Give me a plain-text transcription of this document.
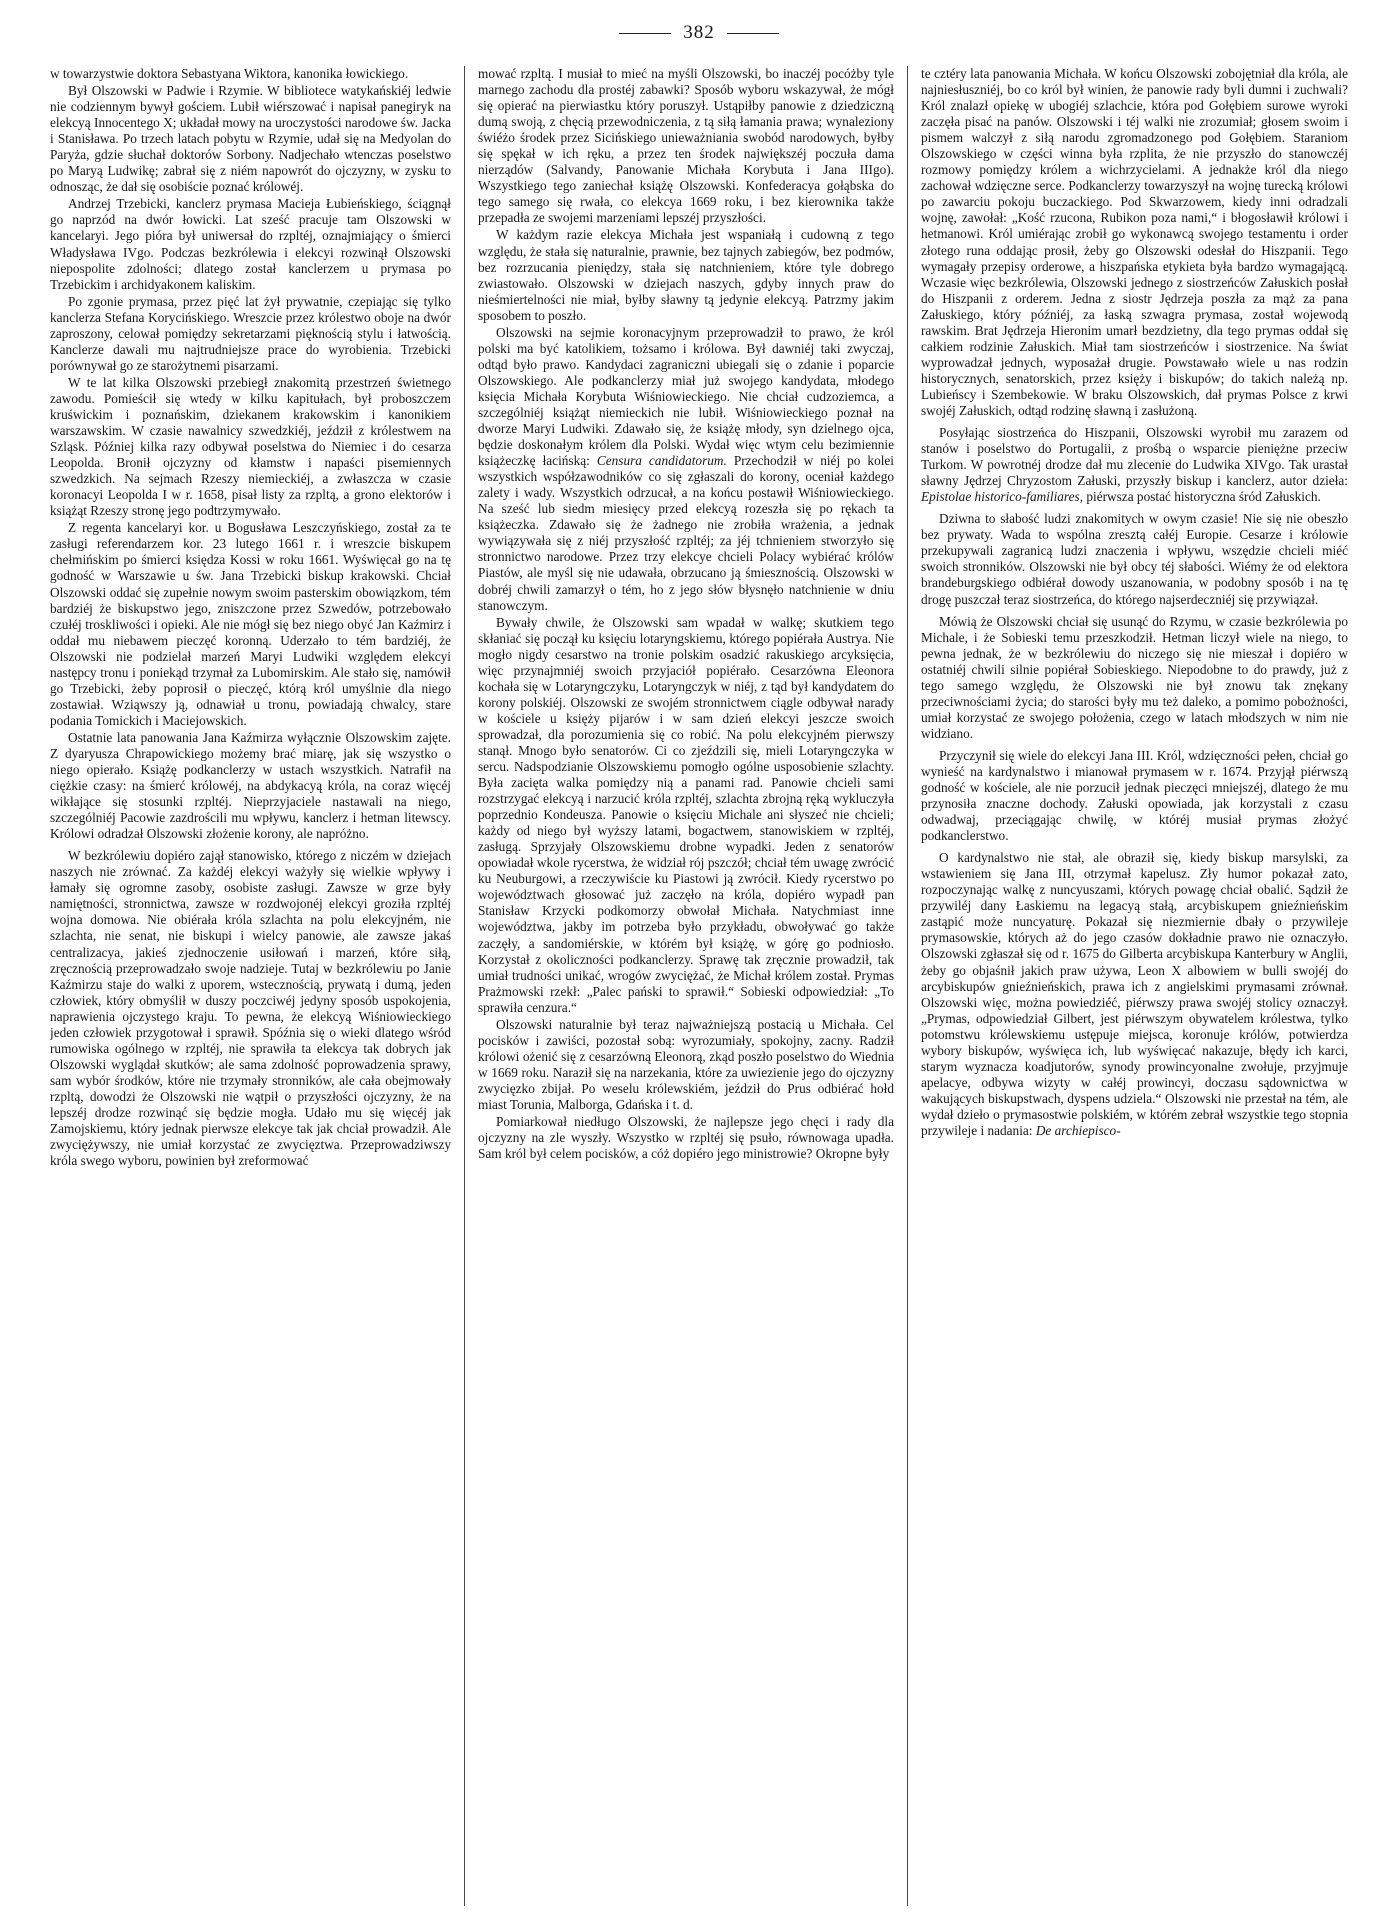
382

w towarzystwie doktora Sebastyana Wiktora, kanonika łowickiego.

Był Olszowski w Padwie i Rzymie. W bibliotece watykańskiéj ledwie nie codziennym bywył gościem. Lubił wiérszować i napisał panegiryk na elekcyą Innocentego X; układał mowy na uroczystości narodowe św. Jacka i Stanisława. Po trzech latach pobytu w Rzymie, udał się na Medyolan do Paryża, gdzie słuchał doktorów Sorbony. Nadjechało wtenczas poselstwo po Maryą Ludwikę; zabrał się z niém napowrót do ojczyzny, w zysku to odnosząc, że dał się osobiście poznać królowéj.

Andrzej Trzebicki, kanclerz prymasa Macieja Łubieńskiego, ściągnął go naprzód na dwór łowicki. Lat sześć pracuje tam Olszowski w kancelaryi. Jego pióra był uniwersał do rzpltéj, oznajmiający o śmierci Władysława IVgo. Podczas bezkrólewia i elekcyi rozwinął Olszowski niepospolite zdolności; dlatego został kanclerzem u prymasa po Trzebickim i archidyakonem kaliskim.

Po zgonie prymasa, przez pięć lat żył prywatnie, czepiając się tylko kanclerza Stefana Korycińskiego. Wreszcie przez królestwo oboje na dwór zaproszony, celował pomiędzy sekretarzami pięknością stylu i łatwością. Kanclerze dawali mu najtrudniejsze prace do wyrobienia. Trzebicki porównywał go ze starożytnemi pisarzami.

W te lat kilka Olszowski przebiegł znakomitą przestrzeń świetnego zawodu. Pomieścił się wtedy w kilku kapitułach, był proboszczem kruświckim i poznańskim, dziekanem krakowskim i kanonikiem warszawskim. W czasie nawalnicy szwedzkiéj, jeździł z królestwem na Szląsk. Później kilka razy odbywał poselstwa do Niemiec i do cesarza Leopolda. Bronił ojczyzny od kłamstw i napaści pisemiennych szwedzkich. Na sejmach Rzeszy niemieckiéj, a zwłaszcza w czasie koronacyi Leopolda I w r. 1658, pisał listy za rzpltą, a grono elektorów i książąt Rzeszy stronę jego podtrzymywało.

Z regenta kancelaryi kor. u Bogusława Leszczyńskiego, został za te zasługi referendarzem kor. 23 lutego 1661 r. i wreszcie biskupem chełmińskim po śmierci księdza Kossi w roku 1661. Wyświęcał go na tę godność w Warszawie u św. Jana Trzebicki biskup krakowski. Chciał Olszowski oddać się zupełnie nowym swoim pasterskim obowiązkom, tém bardziéj że biskupstwo jego, zniszczone przez Szwedów, potrzebowało czułéj troskliwości i opieki. Ale nie mógł się bez niego obyć Jan Kaźmirz i oddał mu niebawem pieczęć koronną. Uderzało to tém bardziéj, że Olszowski nie podzielał marzeń Maryi Ludwiki względem elekcyi następcy tronu i poniekąd trzymał za Lubomirskim. Ale stało się, namówił go Trzebicki, żeby poprosił o pieczęć, którą król umyślnie dla niego zostawiał. Wziąwszy ją, odnawiał u tronu, powiadają chwalcy, stare podania Tomickich i Maciejowskich.

Ostatnie lata panowania Jana Kaźmirza wyłącznie Olszowskim zajęte. Z dyaryusza Chrapowickiego możemy brać miarę, jak się wszystko o niego opierało. Książę podkanclerzy w ustach wszystkich. Natrafił na ciężkie czasy: na śmierć królowéj, na abdykacyą króla, na coraz więcéj wikłające się stosunki rzpltéj. Nieprzyjaciele nastawali na niego, szczególniéj Pacowie zazdrościli mu wpływu, kanclerz i hetman litewscy. Królowi odradzał Olszowski złożenie korony, ale napróżno.

W bezkrólewiu dopiéro zajął stanowisko, którego z niczém w dziejach naszych nie zrównać. Za każdéj elekcyi ważyły się wielkie wpływy i łamały się ogromne zasoby, osobiste zasługi. Zawsze w grze były namiętności, stronnictwa, zawsze w rozdwojonéj elekcyi groziła rzpltéj wojna domowa. Nie obiérała króla szlachta na polu elekcyjném, nie szlachta, nie senat, nie biskupi i wielcy panowie, ale zawsze jakaś centralizacya, jakieś zjednoczenie usiłowań i marzeń, które siłą, zręcznością przeprowadzało swoje nadzieje. Tutaj w bezkrólewiu po Janie Kaźmirzu staje do walki z uporem, wstecznością, prywatą i dumą, jeden człowiek, który obmyślił w duszy poczciwéj jedyny sposób uspokojenia, naprawienia ojczystego kraju. To pewna, że elekcyą Wiśniowieckiego jeden człowiek przygotował i sprawił. Spóźnia się o wieki dlatego wśród rumowiska ogólnego w rzpltéj, nie sprawiła ta elekcya tak dobrych jak Olszowski wyglądał skutków; ale sama zdolność poprowadzenia sprawy, sam wybór środków, które nie trzymały stronników, ale cała obejmowały rzpltą, dowodzi że Olszowski nie wątpił o przyszłości ojczyzny, że na lepszéj drodze rozwinąć się będzie mogła. Udało mu się więcéj jak Zamojskiemu, który jednak pierwsze elekcye tak jak chciał prowadził. Ale zwyciężywszy, nie umiał korzystać ze zwycięztwa. Przeprowadziwszy króla swego wyboru, powinien był zreformować

mować rzpltą. I musiał to mieć na myśli Olszowski, bo inaczéj pocóżby tyle marnego zachodu dla prostéj zabawki? Sposób wyboru wskazywał, że mógł się opierać na pierwiastku który poruszył. Ustąpiłby panowie z dziedziczną dumą swoją, z chęcią przewodniczenia, z tą siłą łamania prawa; wynaleziony świéżo środek przez Sicińskiego unieważniania swobód narodowych, byłby się spękał w ich ręku, a przez ten środek największéj poczuła dama nierządów (Salvandy, Panowanie Michała Korybuta i Jana IIIgo). Wszystkiego tego zaniechał książę Olszowski. Konfederacya gołąbska do tego samego się rwała, co elekcya 1669 roku, i bez kierownika także przepadła ze swojemi marzeniami lepszéj przyszłości.

W każdym razie elekcya Michała jest wspaniałą i cudowną z tego względu, że stała się naturalnie, prawnie, bez tajnych zabiegów, bez podmów, bez rozrzucania pieniędzy, stała się natchnieniem, które tyle dobrego zwiastowało. Olszowski w dziejach naszych, gdyby innych praw do nieśmiertelności nie miał, byłby sławny tą jedynie elekcyą. Patrzmy jakim sposobem to poszło.

Olszowski na sejmie koronacyjnym przeprowadził to prawo, że król polski ma być katolikiem, tożsamo i królowa. Był dawniéj taki zwyczaj, odtąd było prawo. Kandydaci zagraniczni ubiegali się o zdanie i poparcie Olszowskiego. Ale podkanclerzy miał już swojego kandydata, młodego księcia Michała Korybuta Wiśniowieckiego. Nie chciał cudzoziemca, a szczególniéj książąt niemieckich nie lubił. Wiśniowieckiego poznał na dworze Maryi Ludwiki. Zdawało się, że książę młody, syn dzielnego ojca, będzie doskonałym królem dla Polski. Wydał więc wtym celu bezimiennie książeczkę łacińską: Censura candidatorum. Przechodził w niéj po kolei wszystkich współzawodników co się zgłaszali do korony, oceniał każdego zalety i wady. Wszystkich odrzucał, a na końcu postawił Wiśniowieckiego. Na sześć lub siedm miesięcy przed elekcyą rozeszła się po rękach ta książeczka. Zdawało się że żadnego nie zrobiła wrażenia, a jednak wywiązywała się z niéj przyszłość rzpltéj; za jéj tchnieniem stworzyło się stronnictwo narodowe. Przez trzy elekcye chcieli Polacy wybiérać królów Piastów, ale myśl się nie udawała, obrzucano ją śmiesznością. Olszowski w dobréj chwili zamarzył o tém, ho z jego słów błysnęło natchnienie w dniu stanowczym.

Bywały chwile, że Olszowski sam wpadał w walkę; skutkiem tego skłaniać się począł ku księciu lotaryngskiemu, którego popiérała Austrya. Nie mogło nigdy cesarstwo na tronie polskim osadzić rakuskiego arcyksięcia, więc przynajmniéj swoich przyjaciół popiérało. Cesarzówna Eleonora kochała się w Lotaryngczyku, Lotaryngczyk w niéj, z tąd był kandydatem do korony polskiéj. Olszowski ze swojém stronnictwem ciągle odbywał narady w kościele u księży pijarów i w sam dzień elekcyi jeszcze swoich sprowadzał, dla porozumienia się co robić. Na polu elekcyjném pierwszy stanął. Mnogo było senatorów. Ci co zjeździli się, mieli Lotaryngczyka w sercu. Nadspodzianie Olszowskiemu pomogło ogólne usposobienie szlachty. Była zacięta walka pomiędzy nią a panami rad. Panowie chcieli sami rozstrzygać elekcyą i narzucić króla rzpltéj, szlachta zbrojną ręką wykluczyła poprzednio Kondeusza. Panowie o księciu Michale ani słyszeć nie chcieli; każdy od niego był wyższy latami, bogactwem, stanowiskiem w rzpltéj, zasługą. Sprzyjały Olszowskiemu drobne wypadki. Jeden z senatorów opowiadał wkole rycerstwa, że widział rój pszczół; chciał tém uwagę zwrócić ku Neuburgowi, a rzeczywiście ku Piastowi ją zwrócił. Kiedy rycerstwo po województwach głosować już zaczęło na króla, dopiéro wypadł pan Stanisław Krzycki podkomorzy obwołał Michała. Natychmiast inne województwa, jakby im potrzeba było przykładu, obwoływać go także zaczęły, a sandomiérskie, w którém był książę, w górę go podniosło. Korzystał z okoliczności podkanclerzy. Sprawę tak zręcznie prowadził, tak umiał trudności unikać, wrogów zwyciężać, że Michał królem został. Prymas Prażmowski rzekł: „Palec pański to sprawił.“ Sobieski odpowiedział: „To sprawiła cenzura.“

Olszowski naturalnie był teraz najważniejszą postacią u Michała. Cel pocisków i zawiści, pozostał sobą: wyrozumiały, spokojny, zacny. Radził królowi ożenić się z cesarzówną Eleonorą, zkąd poszło poselstwo do Wiednia w 1669 roku. Naraził się na narzekania, które za uwiezienie jego do ojczyzny zwycięzko zbijał. Po weselu królewskiém, jeździł do Prus odbiérać hołd miast Torunia, Malborga, Gdańska i t. d.

Pomiarkował niedługo Olszowski, że najlepsze jego chęci i rady dla ojczyzny na zle wyszły. Wszystko w rzpltéj się psuło, równowaga upadła. Sam król był celem pocisków, a cóż dopiéro jego ministrowie? Okropne były

te cztéry lata panowania Michała. W końcu Olszowski zobojętniał dla króla, ale najniesłuszniéj, bo co król był winien, że panowie rady byli dumni i zuchwali? Król znalazł opiekę w ubogiéj szlachcie, która pod Gołębiem surowe wyroki zaczęła pisać na panów. Olszowski i téj walki nie zrozumiał; głosem swoim i pismem walczył z siłą narodu zgromadzonego pod Gołębiem. Staraniom Olszowskiego w części winna była rzplita, że nie przyszło do stanowczéj rozmowy pomiędzy królem a wichrzycielami. A jednakże król dla niego zachował wdzięczne serce. Podkanclerzy towarzyszył na wojnę turecką królowi po zawarciu pokoju buczackiego. Pod Skwarzowem, kiedy inni odradzali wojnę, zawołał: „Kość rzucona, Rubikon poza nami,“ i błogosławił królowi i hetmanowi. Król umiérając zrobił go wykonawcą swojego testamentu i order złotego runa oddając prosił, żeby go Olszowski odesłał do Hiszpanii. Tego wymagały przepisy orderowe, a hiszpańska etykieta była bardzo wymagającą. Wczasie więc bezkrólewia, Olszowski jednego z siostrzeńców Załuskich posłał do Hiszpanii z orderem. Jedna z siostr Jędrzeja poszła za mąż za pana Załuskiego, który późniéj, za łaską szwagra prymasa, został wojewodą rawskim. Brat Jędrzeja Hieronim umarł bezdzietny, dla tego prymas oddał się całkiem rodzinie Załuskich. Miał tam siostrzeńców i siostrzenice. Na świat wyprowadzał jednych, wyposażał drugie. Powstawało wiele u nas rodzin historycznych, senatorskich, przez księży i biskupów; do takich należą np. Lubieńscy i Szembekowie. W braku Olszowskich, dał prymas Polsce z krwi swojéj Załuskich, odtąd rodzinę sławną i zasłużoną.

Posyłając siostrzeńca do Hiszpanii, Olszowski wyrobił mu zarazem od stanów i poselstwo do Portugalii, z prośbą o wsparcie pieniężne przeciw Turkom. W powrotnéj drodze dał mu zlecenie do Ludwika XIVgo. Tak urastał sławny Jędrzej Chryzostom Załuski, przyszły biskup i kanclerz, autor dzieła: Epistolae historico-familiares, piérwsza postać historyczna śród Załuskich.

Dziwna to słabość ludzi znakomitych w owym czasie! Nie się nie obeszło bez prywaty. Wada to wspólna zresztą całéj Europie. Cesarze i królowie przekupywali zagranicą ludzi znaczenia i wpływu, wszędzie chcieli miéć swoich stronników. Olszowski nie był obcy téj słabości. Wiémy że od elektora brandeburgskiego odbiérał dowody uszanowania, w podobny sposób i na tę drogę puszczał teraz siostrzeńca, do którego najserdeczniéj się przywiązał.

Mówią że Olszowski chciał się usunąć do Rzymu, w czasie bezkrólewia po Michale, i że Sobieski temu przeszkodził. Hetman liczył wiele na niego, to pewna jednak, że w bezkrólewiu do niczego się nie mieszał i dopiéro w ostatniéj chwili silnie popiérał Sobieskiego. Niepodobne to do prawdy, już z tego samego względu, że Olszowski nie był znowu tak znękany przeciwnościami życia; do starości były mu też daleko, a pomimo pobożności, umiał korzystać ze swojego położenia, czego w latach młodszych w nim nie widziano.

Przyczynił się wiele do elekcyi Jana III. Król, wdzięczności pełen, chciał go wynieść na kardynalstwo i mianował prymasem w r. 1674. Przyjął piérwszą godność w kościele, ale nie porzucił jednak pieczęci mniejszéj, dlatego że mu przynosiła znaczne dochody. Załuski opowiada, jak korzystali z czasu odwadwaj, przeciągając chwilę, w któréj musiał prymas złożyć podkanclerstwo.

O kardynalstwo nie stał, ale obraził się, kiedy biskup marsylski, za wstawieniem się Jana III, otrzymał kapelusz. Zły humor pokazał zato, rozpoczynając walkę z nuncyuszami, których powagę chciał obalić. Sądził że przywiléj dany Łaskiemu na legacyą stałą, arcybiskupem gnieźnieńskim zastąpić może nuncyaturę. Pokazał się niezmiernie dbały o przywileje prymasowskie, których aż do jego czasów dokładnie prawo nie oznaczyło. Olszowski zgłaszał się od r. 1675 do Gilberta arcybiskupa Kanterbury w Anglii, żeby go objaśnił jakich praw używa, Leon X albowiem w bulli swojéj do arcybiskupów gnieźnieńskich, prawa ich z angielskimi prymasami zrównał. Olszowski więc, można powiedziéć, piérwszy prawa swojéj stolicy oznaczył. „Prymas, odpowiedział Gilbert, jest piérwszym obywatelem królestwa, tylko potomstwu królewskiemu ustępuje miejsca, koronuje królów, potwierdza wybory biskupów, wyświęca ich, lub wyświęcać nakazuje, błędy ich karci, starym wyznacza koadjutorów, synody prowincyonalne zwołuje, przyjmuje apelacye, odbywa wizyty w całéj prowincyi, doczasu sądownictwa w wakujących biskupstwach, dyspens udziela.“ Olszowski nie przestał na tém, ale wydał dzieło o prymasostwie polskiém, w którém zebrał wszystkie tego stopnia przywileje i nadania: De archiepisco-
